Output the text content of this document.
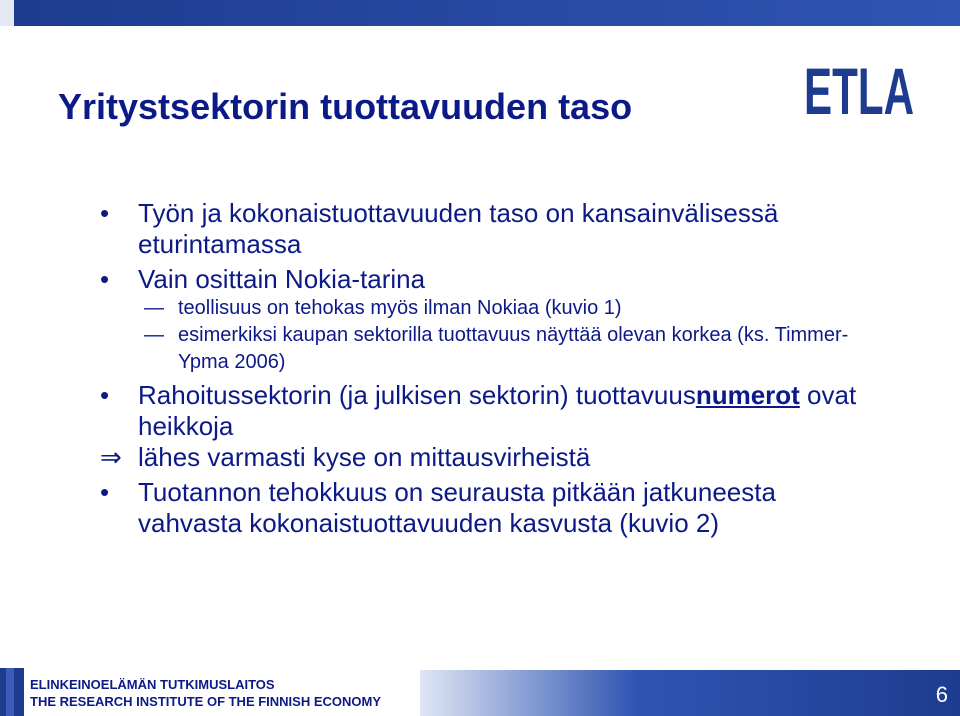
Yritystsektorin tuottavuuden taso	ETLA
• Työn ja kokonaistuottavuuden taso on kansainvälisessä eturintamassa
• Vain osittain Nokia-tarina
— teollisuus on tehokas myös ilman Nokiaa (kuvio 1)
— esimerkiksi kaupan sektorilla tuottavuus näyttää olevan korkea (ks. Timmer-Ypma 2006)
• Rahoitussektorin (ja julkisen sektorin) tuottavuusnumerot ovat heikkoja
⇒ lähes varmasti kyse on mittausvirheistä
• Tuotannon tehokkuus on seurausta pitkään jatkuneesta vahvasta kokonaistuottavuuden kasvusta (kuvio 2)
ELINKEINOELÄMÄN TUTKIMUSLAITOS
THE RESEARCH INSTITUTE OF THE FINNISH ECONOMY	6
